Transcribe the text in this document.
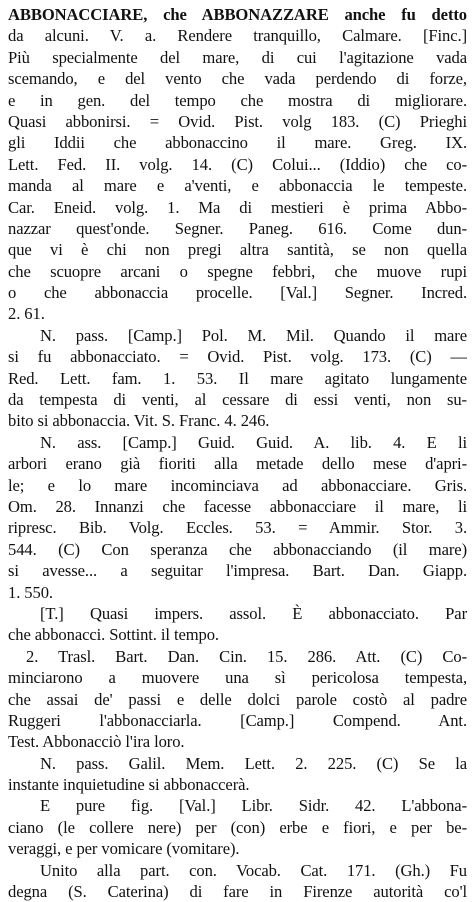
ABBONACCIARE, che ABBONAZZARE anche fu detto
da alcuni. V. a. Rendere tranquillo, Calmare. [Finc.]
Più specialmente del mare, di cui l'agitazione vada
scemando, e del vento che vada perdendo di forze,
e in gen. del tempo che mostra di migliorare.
Quasi abbonirsi. = Ovid. Pist. volg 183. (C) Prieghi
gli Iddii che abbonaccino il mare. Greg. IX.
Lett. Fed. II. volg. 14. (C) Colui... (Iddio) che co-
manda al mare e a'venti, e abbonaccia le tempeste.
Car. Eneid. volg. 1. Ma di mestieri è prima Abbo-
nazzar quest'onde. Segner. Paneg. 616. Come dun-
que vi è chi non pregi altra santità, se non quella
che scuopre arcani o spegne febbri, che muove rupi
o che abbonaccia procelle. [Val.] Segner. Incred.
2. 61.
N. pass. [Camp.] Pol. M. Mil. Quando il mare
si fu abbonacciato. = Ovid. Pist. volg. 173. (C) —
Red. Lett. fam. 1. 53. Il mare agitato lungamente
da tempesta di venti, al cessare di essi venti, non su-
bito si abbonaccia. Vit. S. Franc. 4. 246.
N. ass. [Camp.] Guid. Guid. A. lib. 4. E li
arbori erano già fioriti alla metade dello mese d'apri-
le; e lo mare incominciava ad abbonacciare. Gris.
Om. 28. Innanzi che facesse abbonacciare il mare, li
ripresc. Bib. Volg. Eccles. 53. = Ammir. Stor. 3.
544. (C) Con speranza che abbonacciando (il mare)
si avesse... a seguitar l'impresa. Bart. Dan. Giapp.
1. 550.
[T.] Quasi impers. assol. È abbonacciato. Par
che abbonacci. Sottint. il tempo.
2. Trasl. Bart. Dan. Cin. 15. 286. Att. (C) Co-
minciarono a muovere una sì pericolosa tempesta,
che assai de' passi e delle dolci parole costò al padre
Ruggeri l'abbonacciarla. [Camp.] Compend. Ant.
Test. Abbonacciò l'ira loro.
N. pass. Galil. Mem. Lett. 2. 225. (C) Se la
instante inquietudine si abbonaccerà.
E pure fig. [Val.] Libr. Sidr. 42. L'abbona-
ciano (le collere nere) per (con) erbe e fiori, e per be-
veraggi, e per vomicare (vomitare).
Unito alla part. con. Vocab. Cat. 171. (Gh.) Fu
degna (S. Caterina) di fare in Firenze autorità co'l
